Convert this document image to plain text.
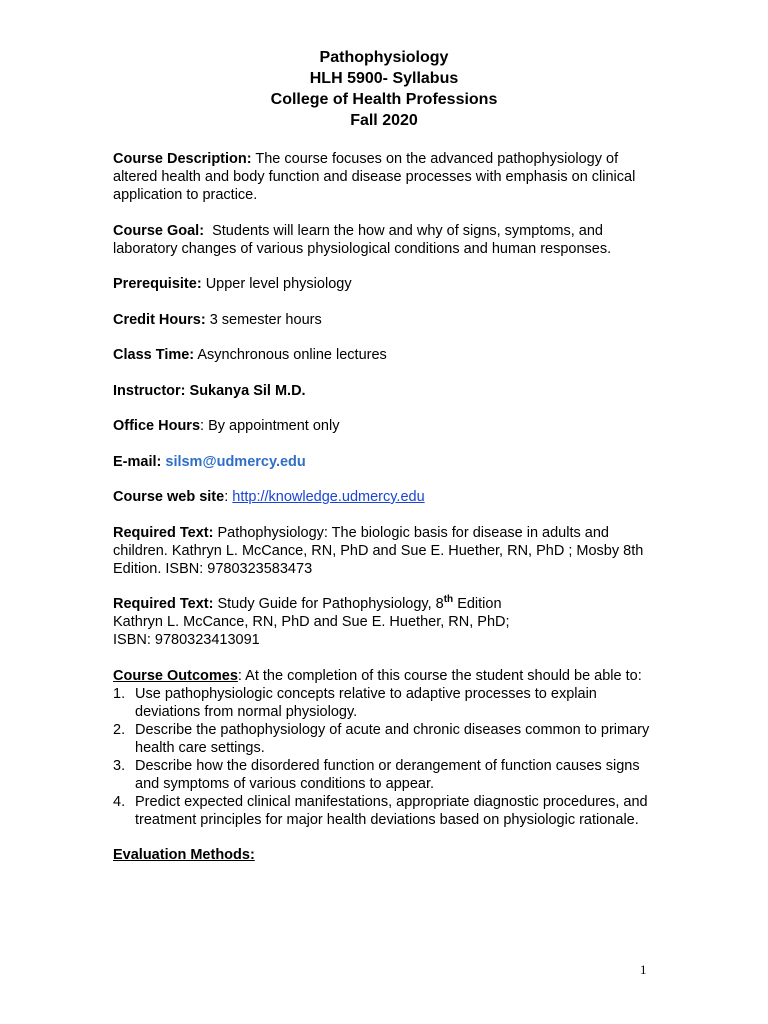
Pathophysiology
HLH 5900- Syllabus
College of Health Professions
Fall 2020
Course Description: The course focuses on the advanced pathophysiology of altered health and body function and disease processes with emphasis on clinical application to practice.
Course Goal: Students will learn the how and why of signs, symptoms, and laboratory changes of various physiological conditions and human responses.
Prerequisite: Upper level physiology
Credit Hours: 3 semester hours
Class Time: Asynchronous online lectures
Instructor: Sukanya Sil M.D.
Office Hours: By appointment only
E-mail: silsm@udmercy.edu
Course web site: http://knowledge.udmercy.edu
Required Text: Pathophysiology: The biologic basis for disease in adults and children. Kathryn L. McCance, RN, PhD and Sue E. Huether, RN, PhD ; Mosby 8th Edition. ISBN: 9780323583473
Required Text: Study Guide for Pathophysiology, 8th Edition
Kathryn L. McCance, RN, PhD and Sue E. Huether, RN, PhD;
ISBN: 9780323413091
Course Outcomes: At the completion of this course the student should be able to:
1. Use pathophysiologic concepts relative to adaptive processes to explain deviations from normal physiology.
2. Describe the pathophysiology of acute and chronic diseases common to primary health care settings.
3. Describe how the disordered function or derangement of function causes signs and symptoms of various conditions to appear.
4. Predict expected clinical manifestations, appropriate diagnostic procedures, and treatment principles for major health deviations based on physiologic rationale.
Evaluation Methods:
1
